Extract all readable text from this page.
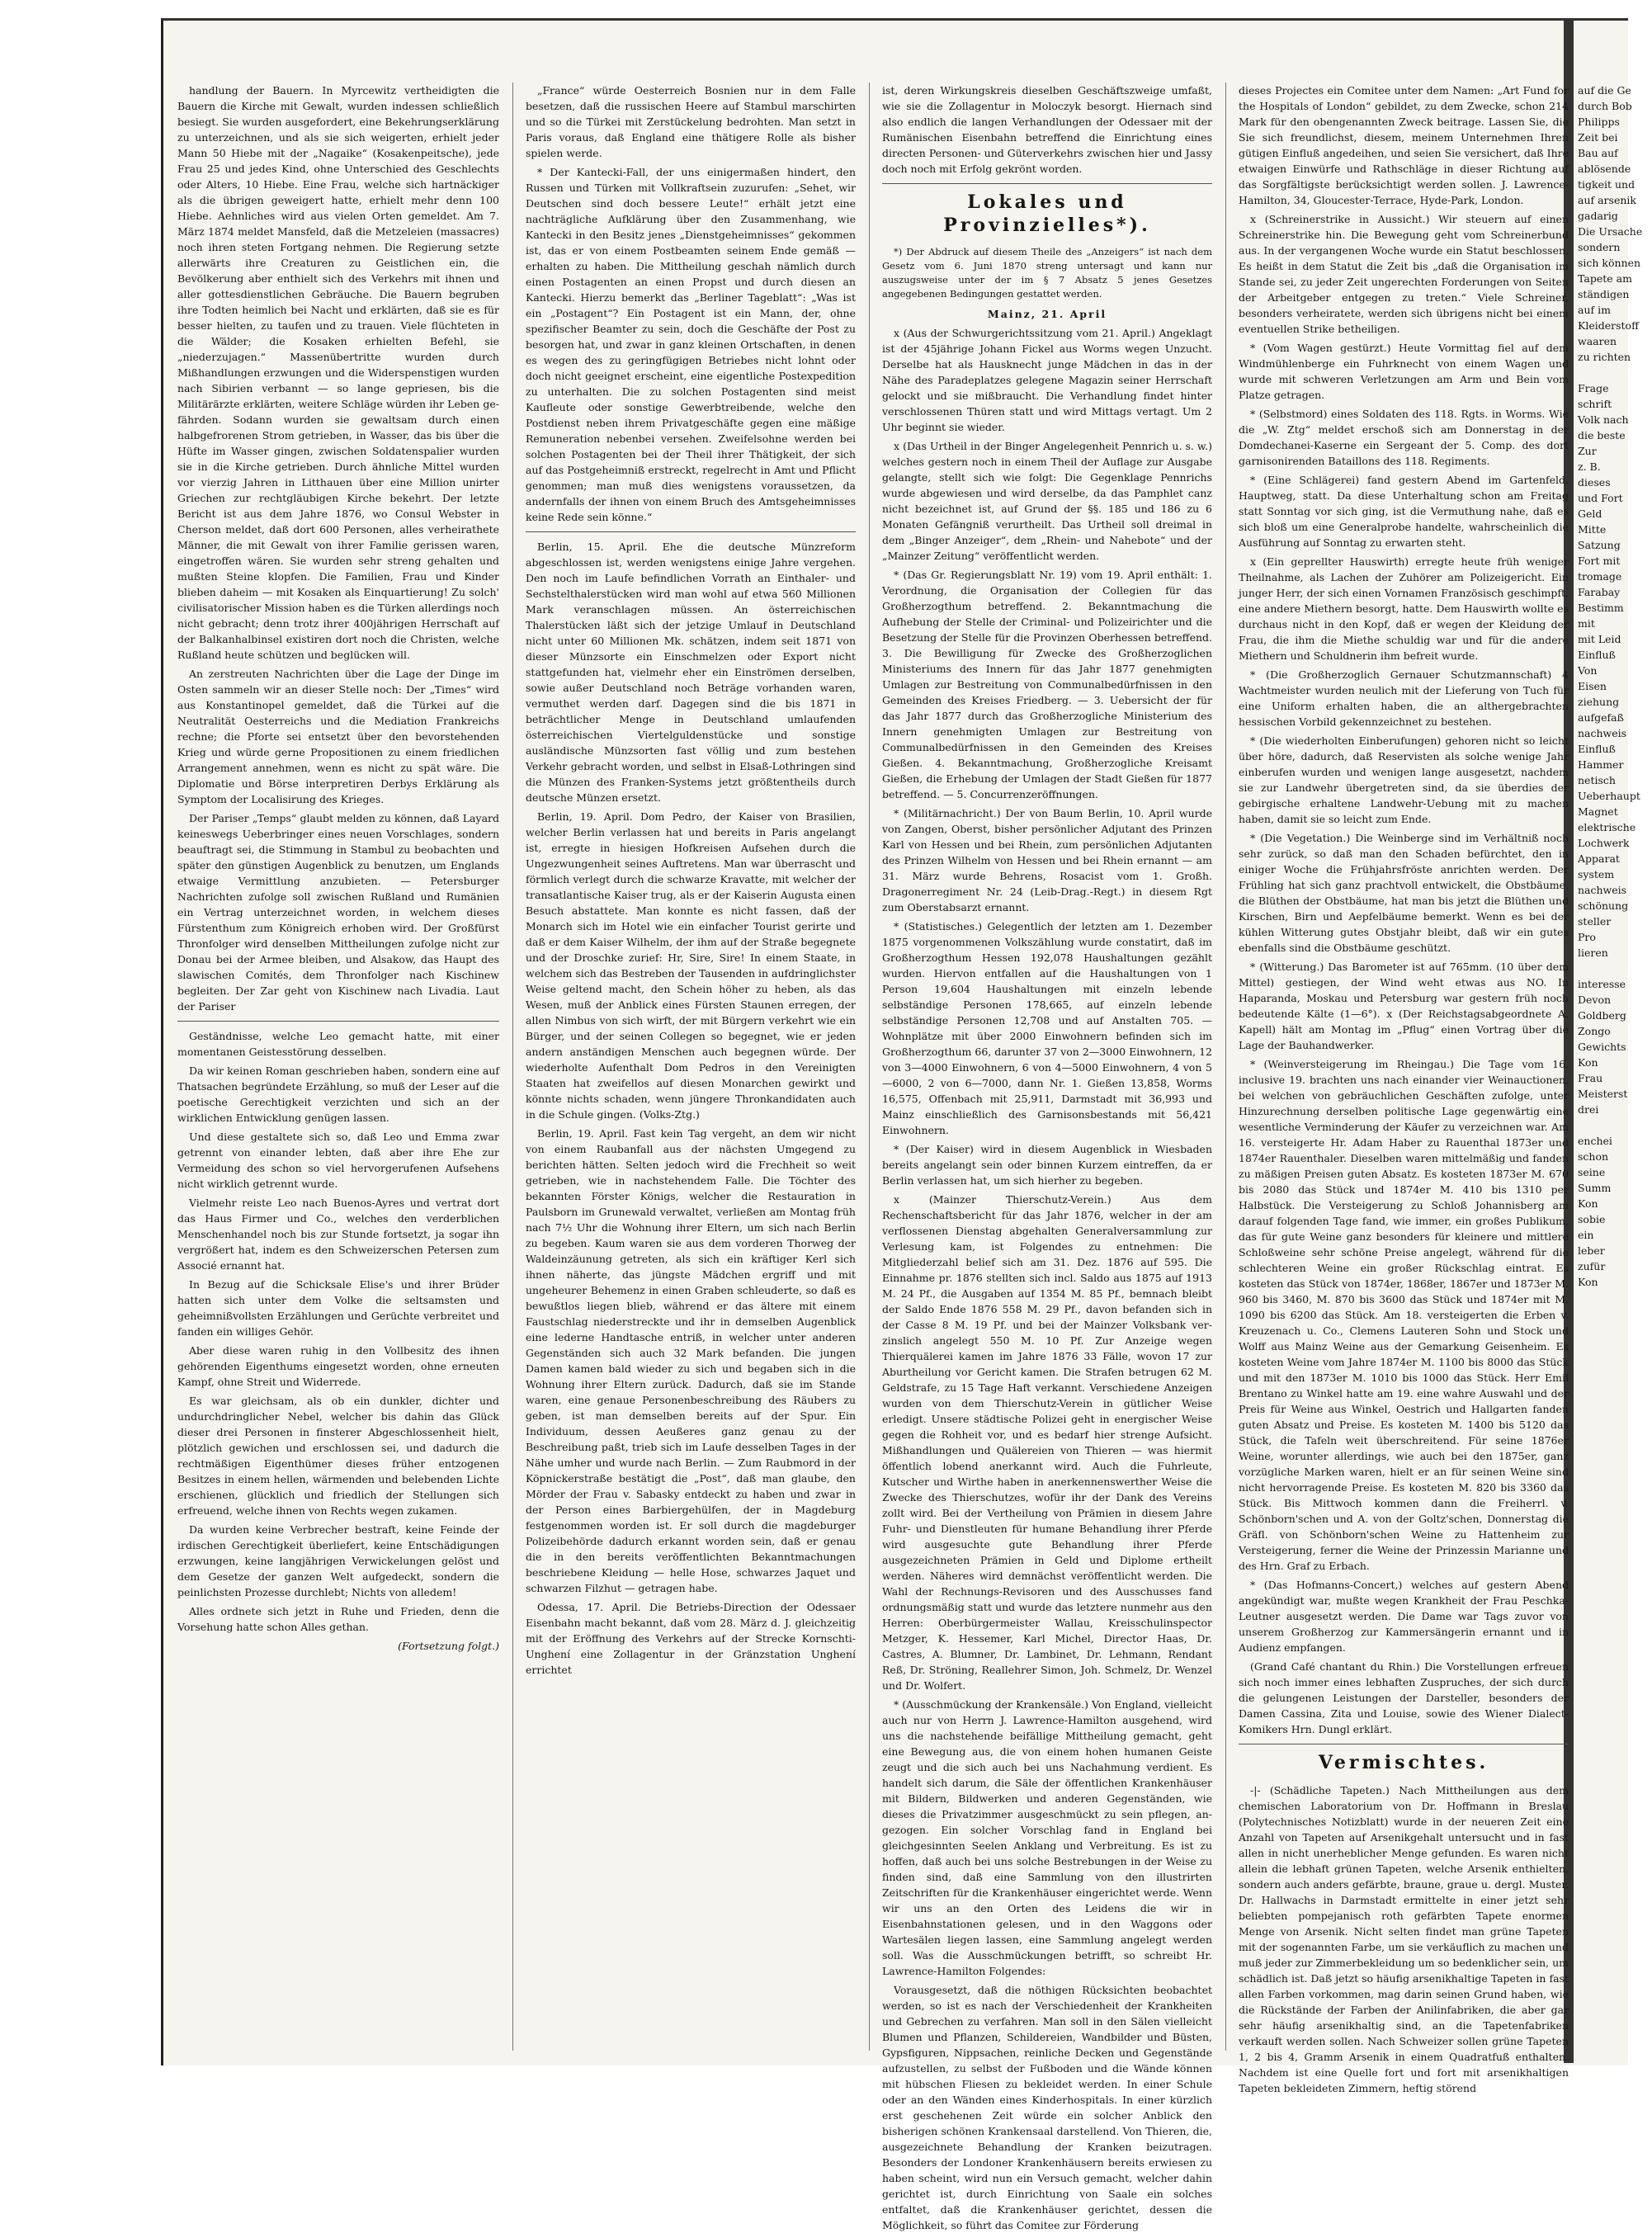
handlung der Bauern. In Myrcewitz vertheidigten die Bauern die Kirche mit Gewalt, wurden indessen schließlich besiegt. Sie wurden ausgefordert, eine Bekehrungserklärung zu unterzeichnen, und als sie sich weigerten, erhielt jeder Mann 50 Hiebe mit der „Nagaike“ (Kosakenpeitsche), jede Frau 25 und jedes Kind, ohne Unterschied des Geschlechts oder Alters, 10 Hiebe. Eine Frau, welche sich hartnäckiger als die übrigen geweigert hatte, erhielt mehr denn 100 Hiebe. Aehnliches wird aus vielen Orten gemeldet. Am 7. März 1874 meldet Mansfeld, daß die Metzeleien (massacres) noch ihren steten Fortgang nehmen. Die Regierung setzte allerwärts ihre Creaturen zu Geistlichen ein, die Bevölkerung aber enthielt sich des Verkehrs mit ihnen und aller gottesdienstlichen Gebräuche. Die Bauern begruben ihre Todten heimlich bei Nacht und erklärten, daß sie es für besser hielten, zu taufen und zu trauen. Viele flüchteten in die Wälder; die Kosaken erhielten Befehl, sie „niederzujagen.“ Massenübertritte wurden durch Mißhandlungen erzwungen und die Widerspenstigen wurden nach Sibirien verbannt — so lange gepriesen, bis die Militärärzte erklärten, weitere Schläge würden ihr Leben gefährden. Sodann wurden sie gewaltsam durch einen halbgefrorenen Strom getrieben, in Wasser, das bis über die Hüfte im Wasser gingen, zwischen Soldatenspalier wurden sie in die Kirche getrieben. Durch ähnliche Mittel wurden vor vierzig Jahren in Litthauen über eine Million unirter Griechen zur rechtgläubigen Kirche bekehrt. Der letzte Bericht ist aus dem Jahre 1876, wo Consul Webster in Cherson meldet, daß dort 600 Personen, alles verheirathete Männer, die mit Gewalt von ihrer Familie gerissen waren, eingetroffen wären. Sie wurden sehr streng gehalten und mußten Steine klopfen. Die Familien, Frau und Kinder blieben daheim — mit Kosaken als Einquartierung! Zu solch' civilisatorischer Mission haben es die Türken allerdings noch nicht gebracht; denn trotz ihrer 400jährigen Herrschaft auf der Balkanhalbinsel existiren dort noch die Christen, welche Rußland heute schützen und beglücken will.

An zerstreuten Nachrichten über die Lage der Dinge im Osten sammeln wir an dieser Stelle noch: Der „Times“ wird aus Konstantinopel gemeldet, daß die Türkei auf die Neutralität Oesterreichs und die Mediation Frankreichs rechne; die Pforte sei entsetzt über den bevorstehenden Krieg und würde gerne Propositionen zu einem friedlichen Arrangement annehmen, wenn es nicht zu spät wäre. Die Diplomatie und Börse interpretiren Derbys Erklärung als Symptom der Localisirung des Krieges.

Der Pariser „Temps“ glaubt melden zu können, daß Layard keineswegs Ueberbringer eines neuen Vorschlages, sondern beauftragt sei, die Stimmung in Stambul zu beobachten und später den günstigen Augenblick zu benutzen, um Englands etwaige Vermittlung anzubieten. — Petersburger Nachrichten zufolge soll zwischen Rußland und Rumänien ein Vertrag unterzeichnet worden, in welchem dieses Fürstenthum zum Königreich erhoben wird. Der Großfürst Thronfolger wird denselben Mittheilungen zufolge nicht zur Donau bei der Armee bleiben, und Alsakow, das Haupt des slawischen Comités, dem Thronfolger nach Kischinew begleiten. Der Zar geht von Kischinew nach Livadia. Laut der Pariser

Geständnisse, welche Leo gemacht hatte, mit einer momentanen Geistesstörung desselben.

Da wir keinen Roman geschrieben haben, sondern eine auf Thatsachen begründete Erzählung, so muß der Leser auf die poetische Gerechtigkeit verzichten und sich an der wirklichen Entwicklung genügen lassen.

Und diese gestaltete sich so, daß Leo und Emma zwar getrennt von einander lebten, daß aber ihre Ehe zur Vermeidung des schon so viel hervorgerufenen Aufsehens nicht wirklich getrennt wurde.

Vielmehr reiste Leo nach Buenos-Ayres und vertrat dort das Haus Firmer und Co., welches den verderblichen Menschenhandel noch bis zur Stunde fortsetzt, ja sogar ihn vergrößert hat, indem es den Schweizerschen Petersen zum Associé ernannt hat.

In Bezug auf die Schicksale Elise's und ihrer Brüder hatten sich unter dem Volke die seltsamsten und geheimnißvollsten Erzählungen und Gerüchte verbreitet und fanden ein williges Gehör.

Aber diese waren ruhig in den Vollbesitz des ihnen gehörenden Eigenthums eingesetzt worden, ohne erneuten Kampf, ohne Streit und Widerrede.

Es war gleichsam, als ob ein dunkler, dichter und undurchdringlicher Nebel, welcher bis dahin das Glück dieser drei Personen in finsterer Abgeschlossenheit hielt, plötzlich gewichen und erschlossen sei, und dadurch die rechtmäßigen Eigenthümer dieses früher entzogenen Besitzes in einem hellen, wärmenden und belebenden Lichte erschienen, glücklich und friedlich der Stellungen sich erfreuend, welche ihnen von Rechts wegen zukamen.

Da wurden keine Verbrecher bestraft, keine Feinde der irdischen Gerechtigkeit überliefert, keine Entschädigungen erzwungen, keine langjährigen Verwickelungen gelöst und dem Gesetze der ganzen Welt aufgedeckt, sondern die peinlichsten Prozesse durchlebt; Nichts von alledem!

Alles ordnete sich jetzt in Ruhe und Frieden, denn die Vorsehung hatte schon Alles gethan.

(Fortsetzung folgt.)

„France“ würde Oesterreich Bosnien nur in dem Falle besetzen, daß die russischen Heere auf Stambul marschirten und so die Türkei mit Zerstückelung bedrohten. Man setzt in Paris voraus, daß England eine thätigere Rolle als bisher spielen werde.

* Der Kantecki-Fall, der uns einigermaßen hindert, den Russen und Türken mit Vollkraftsein zuzurufen: „Sehet, wir Deutschen sind doch bessere Leute!“ erhält jetzt eine nachträgliche Aufklärung über den Zusammenhang, wie Kantecki in den Besitz jenes „Dienstgeheimnisses“ gekommen ist, das er von einem Postbeamten seinem Ende gemäß — erhalten zu haben. Die Mittheilung geschah nämlich durch einen Postagenten an einen Propst und durch diesen an Kantecki. Hierzu bemerkt das „Berliner Tageblatt“: „Was ist ein „Postagent“? Ein Postagent ist ein Mann, der, ohne spezifischer Beamter zu sein, doch die Geschäfte der Post zu besorgen hat, und zwar in ganz kleinen Ortschaften, in denen es wegen des zu geringfügigen Betriebes nicht lohnt oder doch nicht geeignet erscheint, eine eigentliche Postexpedition zu unterhalten. Die zu solchen Postagenten sind meist Kaufleute oder sonstige Gewerbtreibende, welche den Postdienst neben ihrem Privatgeschäfte gegen eine mäßige Remuneration nebenbei versehen. Zweifelsohne werden bei solchen Postagenten bei der Theil ihrer Thätigkeit, der sich auf das Postgeheimniß erstreckt, regelrecht in Amt und Pflicht genommen; man muß dies wenigstens voraussetzen, da andernfalls der ihnen von einem Bruch des Amtsgeheimnisses keine Rede sein könne.“

Berlin, 15. April. Ehe die deutsche Münzreform abgeschlossen ist, werden wenigstens einige Jahre vergehen. Den noch im Laufe befindlichen Vorrath an Einthaler- und Sechstelthalerstücken wird man wohl auf etwa 560 Millionen Mark veranschlagen müssen. An österreichischen Thalerstücken läßt sich der jetzige Umlauf in Deutschland nicht unter 60 Millionen Mk. schätzen, indem seit 1871 von dieser Münzsorte ein Einschmelzen oder Export nicht stattgefunden hat, vielmehr eher ein Einströmen derselben, sowie außer Deutschland noch Beträge vorhanden waren, vermuthet werden darf. Dagegen sind die bis 1871 in beträchtlicher Menge in Deutschland umlaufenden österreichischen Viertelguldenstücke und sonstige ausländische Münzsorten fast völlig und zum bestehen Verkehr gebracht worden, und selbst in Elsaß-Lothringen sind die Münzen des Franken-Systems jetzt größtentheils durch deutsche Münzen ersetzt.

Berlin, 19. April. Dom Pedro, der Kaiser von Brasilien, welcher Berlin verlassen hat und bereits in Paris angelangt ist, erregte in hiesigen Hofkreisen Aufsehen durch die Ungezwungenheit seines Auftretens. Man war überrascht und förmlich verlegt durch die schwarze Kravatte, mit welcher der transatlantische Kaiser trug, als er der Kaiserin Augusta einen Besuch abstattete. Man konnte es nicht fassen, daß der Monarch sich im Hotel wie ein einfacher Tourist gerirte und daß er dem Kaiser Wilhelm, der ihm auf der Straße begegnete und der Droschke zurief: Hr, Sire, Sire! In einem Staate, in welchem sich das Bestreben der Tausenden in aufdringlichster Weise geltend macht, den Schein höher zu heben, als das Wesen, muß der Anblick eines Fürsten Staunen erregen, der allen Nimbus von sich wirft, der mit Bürgern verkehrt wie ein Bürger, und der seinen Collegen so begegnet, wie er jeden andern anständigen Menschen auch begegnen würde. Der wiederholte Aufenthalt Dom Pedros in den Vereinigten Staaten hat zweifellos auf diesen Monarchen gewirkt und könnte nichts schaden, wenn jüngere Thronkandidaten auch in die Schule gingen. (Volks-Ztg.)

Berlin, 19. April. Fast kein Tag vergeht, an dem wir nicht von einem Raubanfall aus der nächsten Umgegend zu berichten hätten. Selten jedoch wird die Frechheit so weit getrieben, wie in nachstehendem Falle. Die Töchter des bekannten Förster Königs, welcher die Restauration in Paulsborn im Grunewald verwaltet, verließen am Montag früh nach 7½ Uhr die Wohnung ihrer Eltern, um sich nach Berlin zu begeben. Kaum waren sie aus dem vorderen Thorweg der Waldeinzäunung getreten, als sich ein kräftiger Kerl sich ihnen näherte, das jüngste Mädchen ergriff und mit ungeheurer Behemenz in einen Graben schleuderte, so daß es bewußtlos liegen blieb, während er das ältere mit einem Faustschlag niederstreckte und ihr in demselben Augenblick eine lederne Handtasche entriß, in welcher unter anderen Gegenständen sich auch 32 Mark befanden. Die jungen Damen kamen bald wieder zu sich und begaben sich in die Wohnung ihrer Eltern zurück. Dadurch, daß sie im Stande waren, eine genaue Personenbeschreibung des Räubers zu geben, ist man demselben bereits auf der Spur. Ein Individuum, dessen Aeußeres ganz genau zu der Beschreibung paßt, trieb sich im Laufe desselben Tages in der Nähe umher und wurde nach Berlin. — Zum Raubmord in der Köpnickerstraße bestätigt die „Post“, daß man glaube, den Mörder der Frau v. Sabasky entdeckt zu haben und zwar in der Person eines Barbiergehülfen, der in Magdeburg festgenommen worden ist. Er soll durch die magdeburger Polizeibehörde dadurch erkannt worden sein, daß er genau die in den bereits veröffentlichten Bekanntmachungen beschriebene Kleidung — helle Hose, schwarzes Jaquet und schwarzen Filzhut — getragen habe.

Odessa, 17. April. Die Betriebs-Direction der Odessaer Eisenbahn macht bekannt, daß vom 28. März d. J. gleichzeitig mit der Eröffnung des Verkehrs auf der Strecke Kornschti-Unghení eine Zollagentur in der Gränzstation Unghení errichtet

ist, deren Wirkungskreis dieselben Geschäftszweige umfaßt, wie sie die Zollagentur in Moloczyk besorgt. Hiernach sind also endlich die langen Verhandlungen der Odessaer mit der Rumänischen Eisenbahn betreffend die Einrichtung eines directen Personen- und Güterverkehrs zwischen hier und Jassy doch noch mit Erfolg gekrönt worden.

Lokales und Provinzielles*).

*) Der Abdruck auf diesem Theile des „Anzeigers“ ist nach dem Gesetz vom 6. Juni 1870 streng untersagt und kann nur auszugsweise unter der im § 7 Absatz 5 jenes Gesetzes angegebenen Bedingungen gestattet werden.

Mainz, 21. April

x (Aus der Schwurgerichtssitzung vom 21. April.) Angeklagt ist der 45jährige Johann Fickel aus Worms wegen Unzucht. Derselbe hat als Hausknecht junge Mädchen in das in der Nähe des Paradeplatzes gelegene Magazin seiner Herrschaft gelockt und sie mißbraucht. Die Verhandlung findet hinter verschlossenen Thüren statt und wird Mittags vertagt. Um 2 Uhr beginnt sie wieder.

x (Das Urtheil in der Binger Angelegenheit Pennrich u. s. w.) welches gestern noch in einem Theil der Auflage zur Ausgabe gelangte, stellt sich wie folgt: Die Gegenklage Pennrichs wurde abgewiesen und wird derselbe, da das Pamphlet canz nicht bezeichnet ist, auf Grund der §§. 185 und 186 zu 6 Monaten Gefängniß verurtheilt. Das Urtheil soll dreimal in dem „Binger Anzeiger“, dem „Rhein- und Nahebote“ und der „Mainzer Zeitung“ veröffentlicht werden.

* (Das Gr. Regierungsblatt Nr. 19) vom 19. April enthält: 1. Verordnung, die Organisation der Collegien für das Großherzogthum betreffend. 2. Bekanntmachung die Aufhebung der Stelle der Criminal- und Polizeirichter und die Besetzung der Stelle für die Provinzen Oberhessen betreffend. 3. Die Bewilligung für Zwecke des Großherzoglichen Ministeriums des Innern für das Jahr 1877 genehmigten Umlagen zur Bestreitung von Communalbedürfnissen in den Gemeinden des Kreises Friedberg. — 3. Uebersicht der für das Jahr 1877 durch das Großherzogliche Ministerium des Innern genehmigten Umlagen zur Bestreitung von Communalbedürfnissen in den Gemeinden des Kreises Gießen. 4. Bekanntmachung, Großherzogliche Kreisamt Gießen, die Erhebung der Umlagen der Stadt Gießen für 1877 betreffend. — 5. Concurrenzeröffnungen.

* (Militärnachricht.) Der von Baum Berlin, 10. April wurde von Zangen, Oberst, bisher persönlicher Adjutant des Prinzen Karl von Hessen und bei Rhein, zum persönlichen Adjutanten des Prinzen Wilhelm von Hessen und bei Rhein ernannt — am 31. März wurde Behrens, Rosacist vom 1. Großh. Dragonerregiment Nr. 24 (Leib-Drag.-Regt.) in diesem Rgt zum Oberstabsarzt ernannt.

* (Statistisches.) Gelegentlich der letzten am 1. Dezember 1875 vorgenommenen Volkszählung wurde constatirt, daß im Großherzogthum Hessen 192,078 Haushaltungen gezählt wurden. Hiervon entfallen auf die Haushaltungen von 1 Person 19,604 Haushaltungen mit einzeln lebende selbständige Personen 178,665, auf einzeln lebende selbständige Personen 12,708 und auf Anstalten 705. — Wohnplätze mit über 2000 Einwohnern befinden sich im Großherzogthum 66, darunter 37 von 2—3000 Einwohnern, 12 von 3—4000 Einwohnern, 6 von 4—5000 Einwohnern, 4 von 5—6000, 2 von 6—7000, dann Nr. 1. Gießen 13,858, Worms 16,575, Offenbach mit 25,911, Darmstadt mit 36,993 und Mainz einschließlich des Garnisonsbestands mit 56,421 Einwohnern.

* (Der Kaiser) wird in diesem Augenblick in Wiesbaden bereits angelangt sein oder binnen Kurzem eintreffen, da er Berlin verlassen hat, um sich hierher zu begeben.

x (Mainzer Thierschutz-Verein.) Aus dem Rechenschaftsbericht für das Jahr 1876, welcher in der am verflossenen Dienstag abgehalten Generalversammlung zur Verlesung kam, ist Folgendes zu entnehmen: Die Mitgliederzahl belief sich am 31. Dez. 1876 auf 595. Die Einnahme pr. 1876 stellten sich incl. Saldo aus 1875 auf 1913 M. 24 Pf., die Ausgaben auf 1354 M. 85 Pf., bemnach bleibt der Saldo Ende 1876 558 M. 29 Pf., davon befanden sich in der Casse 8 M. 19 Pf. und bei der Mainzer Volksbank verzinslich angelegt 550 M. 10 Pf. Zur Anzeige wegen Thierquälerei kamen im Jahre 1876 33 Fälle, wovon 17 zur Aburtheilung vor Gericht kamen. Die Strafen betrugen 62 M. Geldstrafe, zu 15 Tage Haft verkannt. Verschiedene Anzeigen wurden von dem Thierschutz-Verein in gütlicher Weise erledigt. Unsere städtische Polizei geht in energischer Weise gegen die Rohheit vor, und es bedarf hier strenge Aufsicht. Mißhandlungen und Quälereien von Thieren — was hiermit öffentlich lobend anerkannt wird. Auch die Fuhrleute, Kutscher und Wirthe haben in anerkennenswerther Weise die Zwecke des Thierschutzes, wofür ihr der Dank des Vereins zollt wird. Bei der Vertheilung von Prämien in diesem Jahre Fuhr- und Dienstleuten für humane Behandlung ihrer Pferde wird ausgesuchte gute Behandlung ihrer Pferde ausgezeichneten Prämien in Geld und Diplome ertheilt werden. Näheres wird demnächst veröffentlicht werden. Die Wahl der Rechnungs-Revisoren und des Ausschusses fand ordnungsmäßig statt und wurde das letztere nunmehr aus den Herren: Oberbürgermeister Wallau, Kreisschulinspector Metzger, K. Hessemer, Karl Michel, Director Haas, Dr. Castres, A. Blumner, Dr. Lambinet, Dr. Lehmann, Rendant Reß, Dr. Ströning, Reallehrer Simon, Joh. Schmelz, Dr. Wenzel und Dr. Wolfert.

* (Ausschmückung der Krankensäle.) Von England, vielleicht auch nur von Herrn J. Lawrence-Hamilton ausgehend, wird uns die nachstehende beifällige Mittheilung gemacht, geht eine Bewegung aus, die von einem hohen humanen Geiste zeugt und die sich auch bei uns Nachahmung verdient. Es handelt sich darum, die Säle der öffentlichen Krankenhäuser mit Bildern, Bildwerken und anderen Gegenständen, wie dieses die Privatzimmer ausgeschmückt zu sein pflegen, angezogen. Ein solcher Vorschlag fand in England bei gleichgesinnten Seelen Anklang und Verbreitung. Es ist zu hoffen, daß auch bei uns solche Bestrebungen in der Weise zu finden sind, daß eine Sammlung von den illustrirten Zeitschriften für die Krankenhäuser eingerichtet werde. Wenn wir uns an den Orten des Leidens die wir in Eisenbahnstationen gelesen, und in den Waggons oder Wartesälen liegen lassen, eine Sammlung angelegt werden soll. Was die Ausschmückungen betrifft, so schreibt Hr. Lawrence-Hamilton Folgendes:

Vorausgesetzt, daß die nöthigen Rücksichten beobachtet werden, so ist es nach der Verschiedenheit der Krankheiten und Gebrechen zu verfahren. Man soll in den Sälen vielleicht Blumen und Pflanzen, Schildereien, Wandbilder und Büsten, Gypsfiguren, Nippsachen, reinliche Decken und Gegenstände aufzustellen, zu selbst der Fußboden und die Wände können mit hübschen Fliesen zu bekleidet werden. In einer Schule oder an den Wänden eines Kinderhospitals. In einer kürzlich erst geschehenen Zeit würde ein solcher Anblick den bisherigen schönen Krankensaal darstellend. Von Thieren, die, ausgezeichnete Behandlung der Kranken beizutragen. Besonders der Londoner Krankenhäusern bereits erwiesen zu haben scheint, wird nun ein Versuch gemacht, welcher dahin gerichtet ist, durch Einrichtung von Saale ein solches entfaltet, daß die Krankenhäuser gerichtet, dessen die Möglichkeit, so führt das Comitee zur Förderung

dieses Projectes ein Comitee unter dem Namen: „Art Fund for the Hospitals of London“ gebildet, zu dem Zwecke, schon 214 Mark für den obengenannten Zweck beitrage. Lassen Sie, die Sie sich freundlichst, diesem, meinem Unternehmen Ihren gütigen Einfluß angedeihen, und seien Sie versichert, daß Ihre etwaigen Einwürfe und Rathschläge in dieser Richtung auf das Sorgfältigste berücksichtigt werden sollen. J. Lawrence-Hamilton, 34, Gloucester-Terrace, Hyde-Park, London.

x (Schreinerstrike in Aussicht.) Wir steuern auf einen Schreinerstrike hin. Die Bewegung geht vom Schreinerbund aus. In der vergangenen Woche wurde ein Statut beschlossen. Es heißt in dem Statut die Zeit bis „daß die Organisation im Stande sei, zu jeder Zeit ungerechten Forderungen von Seiten der Arbeitgeber entgegen zu treten.“ Viele Schreiner, besonders verheiratete, werden sich übrigens nicht bei einem eventuellen Strike betheiligen.

* (Vom Wagen gestürzt.) Heute Vormittag fiel auf dem Windmühlenberge ein Fuhrknecht von einem Wagen und wurde mit schweren Verletzungen am Arm und Bein vom Platze getragen.

* (Selbstmord) eines Soldaten des 118. Rgts. in Worms. Wie die „W. Ztg“ meldet erschoß sich am Donnerstag in der Domdechanei-Kaserne ein Sergeant der 5. Comp. des dort garnisonirenden Bataillons des 118. Regiments.

* (Eine Schlägerei) fand gestern Abend im Gartenfeld, Hauptweg, statt. Da diese Unterhaltung schon am Freitag statt Sonntag vor sich ging, ist die Vermuthung nahe, daß es sich bloß um eine Generalprobe handelte, wahrscheinlich die Ausführung auf Sonntag zu erwarten steht.

x (Ein geprellter Hauswirth) erregte heute früh weniger Theilnahme, als Lachen der Zuhörer am Polizeigericht. Ein junger Herr, der sich einen Vornamen Französisch geschimpft, eine andere Miethern besorgt, hatte. Dem Hauswirth wollte es durchaus nicht in den Kopf, daß er wegen der Kleidung der Frau, die ihm die Miethe schuldig war und für die andere Miethern und Schuldnerin ihm befreit wurde.

* (Die Großherzoglich Gernauer Schutzmannschaft) 4 Wachtmeister wurden neulich mit der Lieferung von Tuch für eine Uniform erhalten haben, die an althergebrachten hessischen Vorbild gekennzeichnet zu bestehen.

* (Die wiederholten Einberufungen) gehoren nicht so leicht über höre, dadurch, daß Reservisten als solche wenige Jahr einberufen wurden und wenigen lange ausgesetzt, nachdem sie zur Landwehr übergetreten sind, da sie überdies der gebirgische erhaltene Landwehr-Uebung mit zu machen haben, damit sie so leicht zum Ende.

* (Die Vegetation.) Die Weinberge sind im Verhältniß noch sehr zurück, so daß man den Schaden befürchtet, den in einiger Woche die Frühjahrsfröste anrichten werden. Der Frühling hat sich ganz prachtvoll entwickelt, die Obstbäume, die Blüthen der Obstbäume, hat man bis jetzt die Blüthen und Kirschen, Birn und Aepfelbäume bemerkt. Wenn es bei der kühlen Witterung gutes Obstjahr bleibt, daß wir ein gutes ebenfalls sind die Obstbäume geschützt.

* (Witterung.) Das Barometer ist auf 765mm. (10 über dem Mittel) gestiegen, der Wind weht etwas aus NO. In Haparanda, Moskau und Petersburg war gestern früh noch bedeutende Kälte (1—6°). x (Der Reichstagsabgeordnete A. Kapell) hält am Montag im „Pflug“ einen Vortrag über die Lage der Bauhandwerker.

* (Weinversteigerung im Rheingau.) Die Tage vom 16. inclusive 19. brachten uns nach einander vier Weinauctionen, bei welchen von gebräuchlichen Geschäften zufolge, unter Hinzurechnung derselben politische Lage gegenwärtig eine wesentliche Verminderung der Käufer zu verzeichnen war. Am 16. versteigerte Hr. Adam Haber zu Rauenthal 1873er und 1874er Rauenthaler. Dieselben waren mittelmäßig und fanden zu mäßigen Preisen guten Absatz. Es kosteten 1873er M. 670 bis 2080 das Stück und 1874er M. 410 bis 1310 per Halbstück. Die Versteigerung zu Schloß Johannisberg am darauf folgenden Tage fand, wie immer, ein großes Publikum, das für gute Weine ganz besonders für kleinere und mittlere Schloßweine sehr schöne Preise angelegt, während für die schlechteren Weine ein großer Rückschlag eintrat. Es kosteten das Stück von 1874er, 1868er, 1867er und 1873er M. 960 bis 3460, M. 870 bis 3600 das Stück und 1874er mit M. 1090 bis 6200 das Stück. Am 18. versteigerten die Erben v. Kreuzenach u. Co., Clemens Lauteren Sohn und Stock und Wolff aus Mainz Weine aus der Gemarkung Geisenheim. Es kosteten Weine vom Jahre 1874er M. 1100 bis 8000 das Stück und mit den 1873er M. 1010 bis 1000 das Stück. Herr Emil Brentano zu Winkel hatte am 19. eine wahre Auswahl und der Preis für Weine aus Winkel, Oestrich und Hallgarten fanden guten Absatz und Preise. Es kosteten M. 1400 bis 5120 das Stück, die Tafeln weit überschreitend. Für seine 1876er Weine, worunter allerdings, wie auch bei den 1875er, ganz vorzügliche Marken waren, hielt er an für seinen Weine sind nicht hervorragende Preise. Es kosteten M. 820 bis 3360 das Stück. Bis Mittwoch kommen dann die Freiherrl. v. Schönborn'schen und A. von der Goltz'schen, Donnerstag die Gräfl. von Schönborn'schen Weine zu Hattenheim zur Versteigerung, ferner die Weine der Prinzessin Marianne und des Hrn. Graf zu Erbach.

* (Das Hofmanns-Concert,) welches auf gestern Abend angekündigt war, mußte wegen Krankheit der Frau Peschka-Leutner ausgesetzt werden. Die Dame war Tags zuvor von unserem Großherzog zur Kammersängerin ernannt und in Audienz empfangen.

(Grand Café chantant du Rhin.) Die Vorstellungen erfreuen sich noch immer eines lebhaften Zuspruches, der sich durch die gelungenen Leistungen der Darsteller, besonders der Damen Cassina, Zita und Louise, sowie des Wiener Dialect-Komikers Hrn. Dungl erklärt.

Vermischtes.

-|- (Schädliche Tapeten.) Nach Mittheilungen aus dem chemischen Laboratorium von Dr. Hoffmann in Breslau (Polytechnisches Notizblatt) wurde in der neueren Zeit eine Anzahl von Tapeten auf Arsenikgehalt untersucht und in fast allen in nicht unerheblicher Menge gefunden. Es waren nicht allein die lebhaft grünen Tapeten, welche Arsenik enthielten, sondern auch anders gefärbte, braune, graue u. dergl. Muster. Dr. Hallwachs in Darmstadt ermittelte in einer jetzt sehr beliebten pompejanisch roth gefärbten Tapete enormen Menge von Arsenik. Nicht selten findet man grüne Tapeten mit der sogenannten Farbe, um sie verkäuflich zu machen und muß jeder zur Zimmerbekleidung um so bedenklicher sein, um schädlich ist. Daß jetzt so häufig arsenikhaltige Tapeten in fast allen Farben vorkommen, mag darin seinen Grund haben, wie die Rückstände der Farben der Anilinfabriken, die aber gar sehr häufig arsenikhaltig sind, an die Tapetenfabriken verkauft werden sollen. Nach Schweizer sollen grüne Tapeten 1, 2 bis 4, Gramm Arsenik in einem Quadratfuß enthalten. Nachdem ist eine Quelle fort und fort mit arsenikhaltigen Tapeten bekleideten Zimmern, heftig störend

auf die Ge
durch Bob
Philipps
Zeit bei
Bau auf
ablösende
tigkeit und
auf arsenik
gadarig
Die Ursache
sondern
sich können
Tapete am
ständigen
auf im
Kleiderstoff
waaren
zu richten

Frage
schrift
Volk nach
die beste
Zur
z. B.
dieses
und Fort
Geld
Mitte
Satzung
Fort mit
tromage
Farabay
Bestimm
mit
mit Leid
Einfluß
Von
Eisen
ziehung
aufgefaß
nachweis
Einfluß
Hammer
netisch
Ueberhaupt
Magnet
elektrische
Lochwerk
Apparat
system
nachweis
schönung
steller
Pro
lieren

interesse
Devon
Goldberg
Zongo
Gewichts
Kon
Frau
Meisterst
drei

enchei
schon
seine
Summ
Kon
sobie
ein
leber
zufür
Kon
